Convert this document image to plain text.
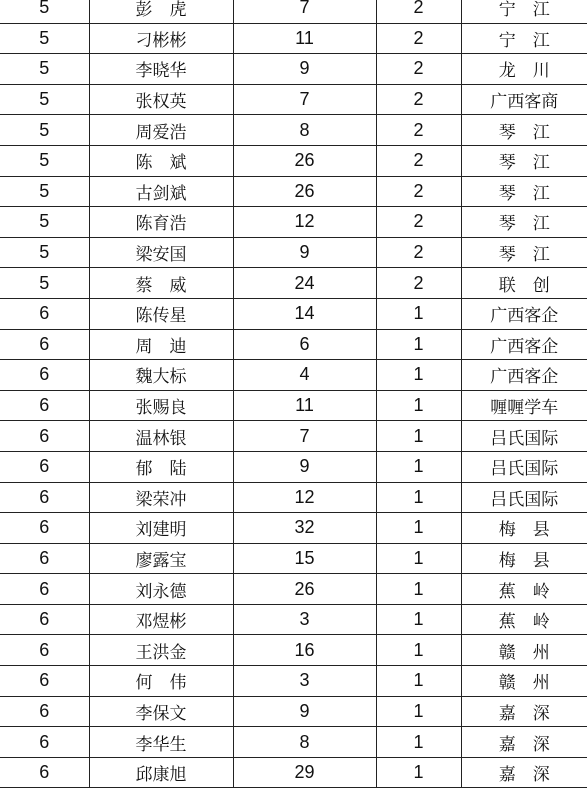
5	彭　虎	7	2	宁　江
5	刁彬彬	11	2	宁　江
5	李晓华	9	2	龙　川
5	张权英	7	2	广西客商
5	周爱浩	8	2	琴　江
5	陈　斌	26	2	琴　江
5	古剑斌	26	2	琴　江
5	陈育浩	12	2	琴　江
5	梁安国	9	2	琴　江
5	蔡　威	24	2	联　创
6	陈传星	14	1	广西客企
6	周　迪	6	1	广西客企
6	魏大标	4	1	广西客企
6	张赐良	11	1	喱喱学车
6	温林银	7	1	吕氏国际
6	郁　陆	9	1	吕氏国际
6	梁荣冲	12	1	吕氏国际
6	刘建明	32	1	梅　县
6	廖露宝	15	1	梅　县
6	刘永德	26	1	蕉　岭
6	邓煜彬	3	1	蕉　岭
6	王洪金	16	1	赣　州
6	何　伟	3	1	赣　州
6	李保文	9	1	嘉　深
6	李华生	8	1	嘉　深
6	邱康旭	29	1	嘉　深
